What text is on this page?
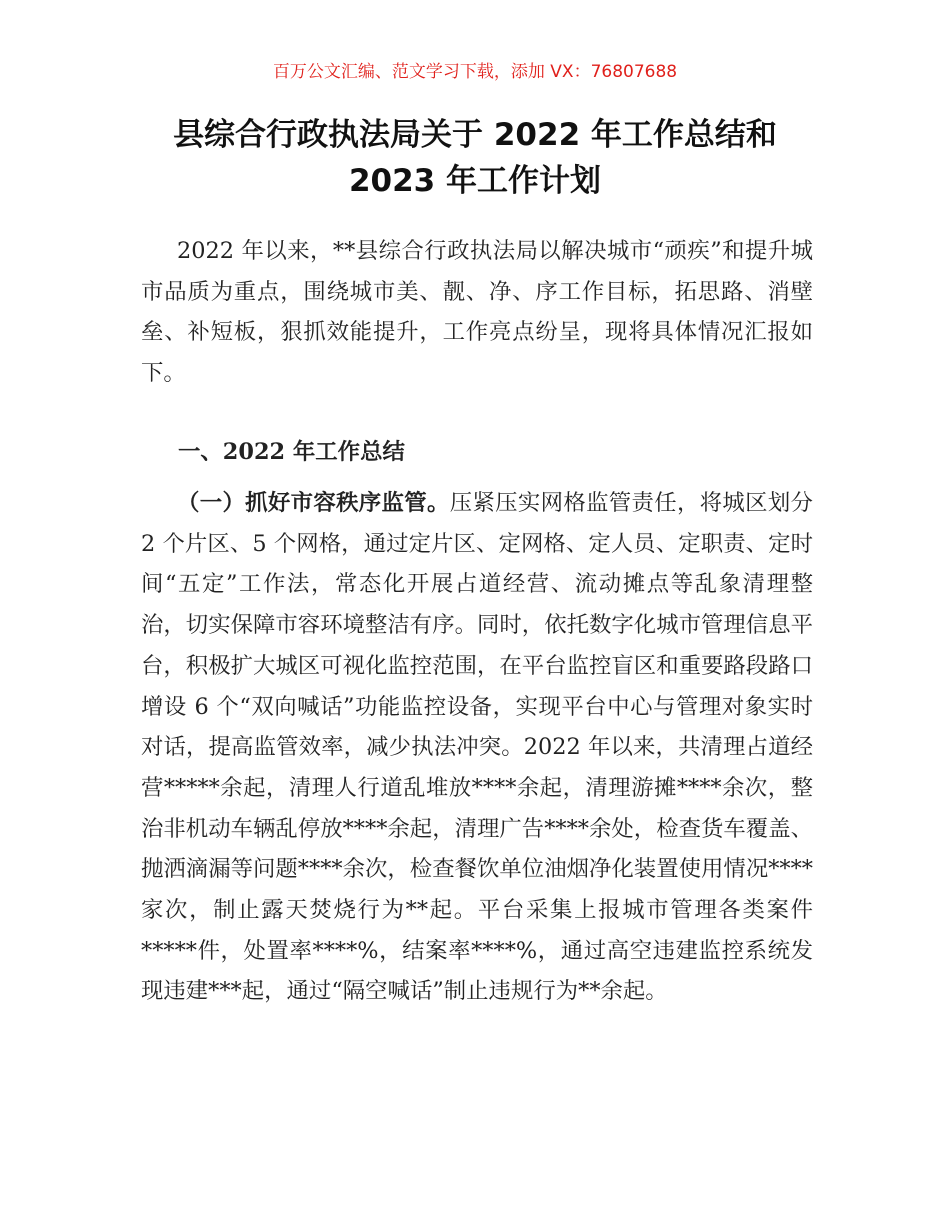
百万公文汇编、范文学习下载，添加 VX：76807688
县综合行政执法局关于 2022 年工作总结和
2023 年工作计划

2022 年以来，**县综合行政执法局以解决城市“顽疾”和提升城市品质为重点，围绕城市美、靓、净、序工作目标，拓思路、消壁垒、补短板，狠抓效能提升，工作亮点纷呈，现将具体情况汇报如下。

一、2022 年工作总结

（一）抓好市容秩序监管。压紧压实网格监管责任，将城区划分 2 个片区、5 个网格，通过定片区、定网格、定人员、定职责、定时间“五定”工作法，常态化开展占道经营、流动摊点等乱象清理整治，切实保障市容环境整洁有序。同时，依托数字化城市管理信息平台，积极扩大城区可视化监控范围，在平台监控盲区和重要路段路口增设 6 个“双向喊话”功能监控设备，实现平台中心与管理对象实时对话，提高监管效率，减少执法冲突。2022 年以来，共清理占道经营*****余起，清理人行道乱堆放****余起，清理游摊****余次，整治非机动车辆乱停放****余起，清理广告****余处，检查货车覆盖、抛洒滴漏等问题****余次，检查餐饮单位油烟净化装置使用情况****家次，制止露天焚烧行为**起。平台采集上报城市管理各类案件*****件，处置率****%，结案率****%，通过高空违建监控系统发现违建***起，通过“隔空喊话”制止违规行为**余起。
